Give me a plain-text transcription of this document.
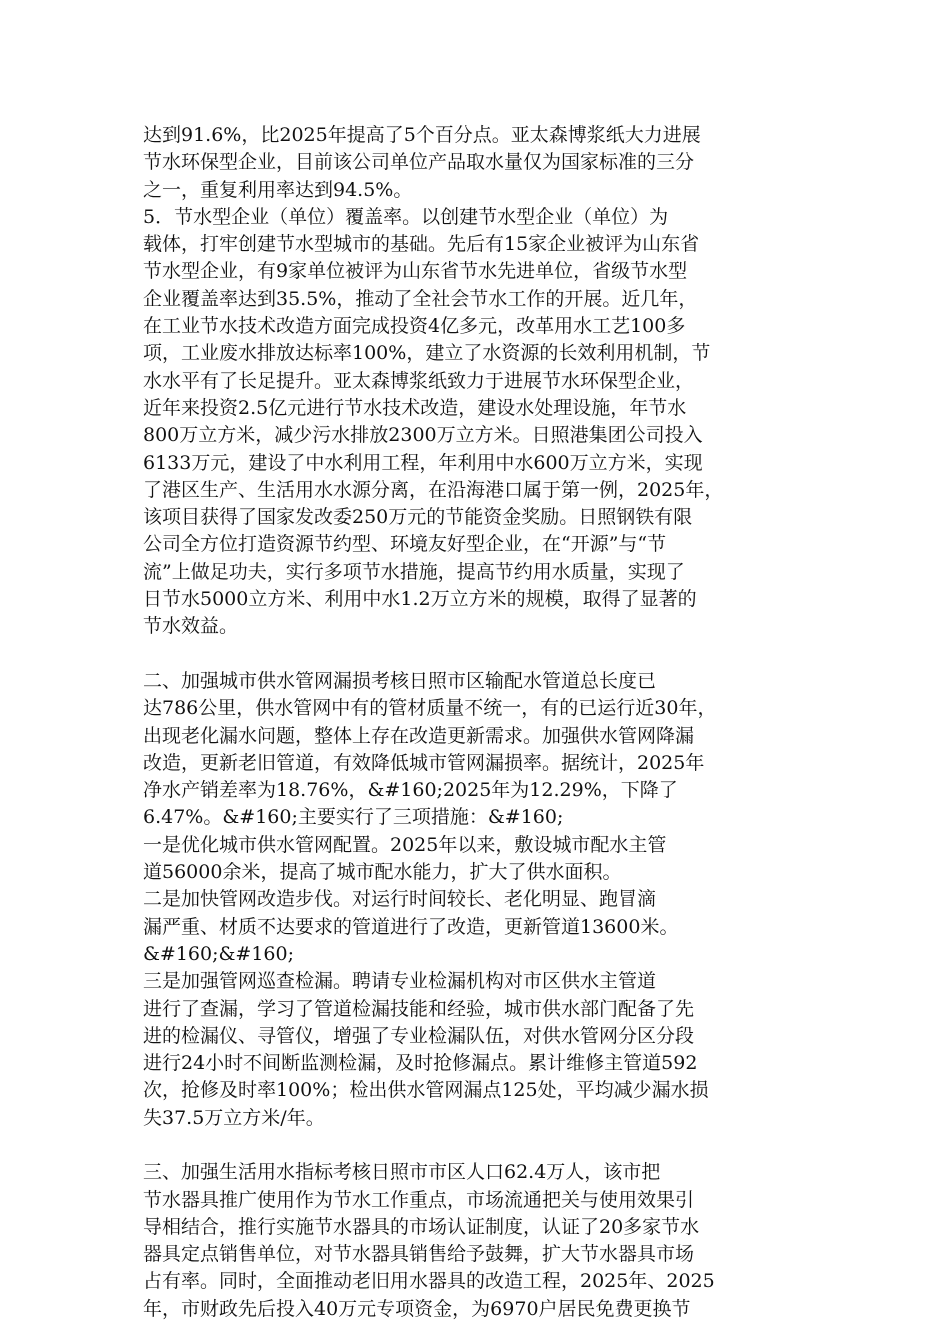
达到91.6%，比2025年提高了5个百分点。亚太森博浆纸大力进展
节水环保型企业，目前该公司单位产品取水量仅为国家标准的三分
之一，重复利用率达到94.5%。
5．节水型企业（单位）覆盖率。以创建节水型企业（单位）为
载体，打牢创建节水型城市的基础。先后有15家企业被评为山东省
节水型企业，有9家单位被评为山东省节水先进单位，省级节水型
企业覆盖率达到35.5%，推动了全社会节水工作的开展。近几年，
在工业节水技术改造方面完成投资4亿多元，改革用水工艺100多
项，工业废水排放达标率100%，建立了水资源的长效利用机制，节
水水平有了长足提升。亚太森博浆纸致力于进展节水环保型企业，
近年来投资2.5亿元进行节水技术改造，建设水处理设施，年节水
800万立方米，减少污水排放2300万立方米。日照港集团公司投入
6133万元，建设了中水利用工程，年利用中水600万立方米，实现
了港区生产、生活用水水源分离，在沿海港口属于第一例，2025年，
该项目获得了国家发改委250万元的节能资金奖励。日照钢铁有限
公司全方位打造资源节约型、环境友好型企业，在“开源”与“节
流”上做足功夫，实行多项节水措施，提高节约用水质量，实现了
日节水5000立方米、利用中水1.2万立方米的规模，取得了显著的
节水效益。
二、加强城市供水管网漏损考核日照市区输配水管道总长度已
达786公里，供水管网中有的管材质量不统一，有的已运行近30年，
出现老化漏水问题，整体上存在改造更新需求。加强供水管网降漏
改造，更新老旧管道，有效降低城市管网漏损率。据统计，2025年
净水产销差率为18.76%，&#160;2025年为12.29%，下降了
6.47%。&#160;主要实行了三项措施：&#160;
一是优化城市供水管网配置。2025年以来，敷设城市配水主管
道56000余米，提高了城市配水能力，扩大了供水面积。
二是加快管网改造步伐。对运行时间较长、老化明显、跑冒滴
漏严重、材质不达要求的管道进行了改造，更新管道13600米。
&#160;&#160;
三是加强管网巡查检漏。聘请专业检漏机构对市区供水主管道
进行了查漏，学习了管道检漏技能和经验，城市供水部门配备了先
进的检漏仪、寻管仪，增强了专业检漏队伍，对供水管网分区分段
进行24小时不间断监测检漏，及时抢修漏点。累计维修主管道592
次，抢修及时率100%；检出供水管网漏点125处，平均减少漏水损
失37.5万立方米/年。
三、加强生活用水指标考核日照市市区人口62.4万人，该市把
节水器具推广使用作为节水工作重点，市场流通把关与使用效果引
导相结合，推行实施节水器具的市场认证制度，认证了20多家节水
器具定点销售单位，对节水器具销售给予鼓舞，扩大节水器具市场
占有率。同时，全面推动老旧用水器具的改造工程，2025年、2025
年，市财政先后投入40万元专项资金，为6970户居民免费更换节
